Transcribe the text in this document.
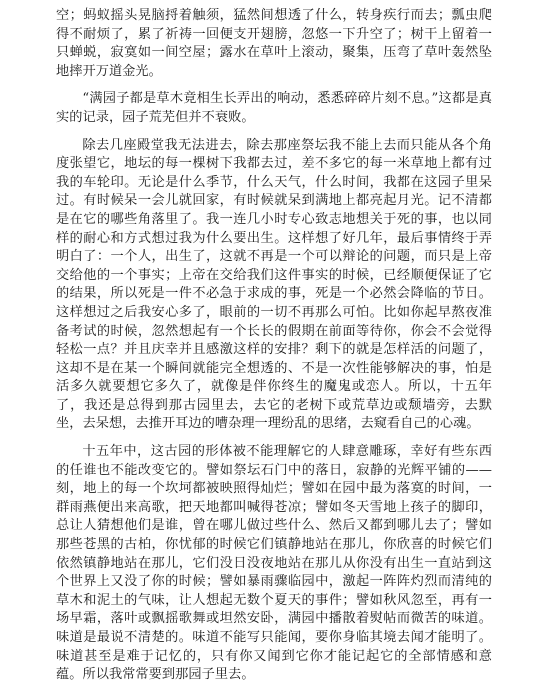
空；蚂蚁摇头晃脑捋着触须，猛然间想透了什么，转身疾行而去；瓢虫爬得不耐烦了，累了祈祷一回便支开翅膀，忽悠一下升空了；树干上留着一只蝉蜕，寂寞如一间空屋；露水在草叶上滚动，聚集，压弯了草叶轰然坠地摔开万道金光。

“满园子都是草木竟相生长弄出的响动，悉悉碎碎片刻不息。”这都是真实的记录，园子荒芜但并不衰败。

除去几座殿堂我无法进去，除去那座祭坛我不能上去而只能从各个角度张望它，地坛的每一棵树下我都去过，差不多它的每一米草地上都有过我的车轮印。无论是什么季节，什么天气，什么时间，我都在这园子里呆过。有时候呆一会儿就回家，有时候就呆到满地上都亮起月光。记不清都是在它的哪些角落里了。我一连几小时专心致志地想关于死的事，也以同样的耐心和方式想过我为什么要出生。这样想了好几年，最后事情终于弄明白了：一个人，出生了，这就不再是一个可以辩论的问题，而只是上帝交给他的一个事实；上帝在交给我们这件事实的时候，已经顺便保证了它的结果，所以死是一件不必急于求成的事，死是一个必然会降临的节日。这样想过之后我安心多了，眼前的一切不再那么可怕。比如你起早熬夜准备考试的时候，忽然想起有一个长长的假期在前面等待你，你会不会觉得轻松一点？并且庆幸并且感激这样的安排？剩下的就是怎样活的问题了，这却不是在某一个瞬间就能完全想透的、不是一次性能够解决的事，怕是活多久就要想它多久了，就像是伴你终生的魔鬼或恋人。所以，十五年了，我还是总得到那古园里去，去它的老树下或荒草边或颓墙旁，去默坐，去呆想，去推开耳边的嘈杂理一理纷乱的思绪，去窥看自己的心魂。

十五年中，这古园的形体被不能理解它的人肆意雕琢，幸好有些东西的任谁也不能改变它的。譬如祭坛石门中的落日，寂静的光辉平铺的——刻，地上的每一个坎坷都被映照得灿烂；譬如在园中最为落寞的时间，一群雨燕便出来高歌，把天地都叫喊得苍凉；譬如冬天雪地上孩子的脚印，总让人猜想他们是谁，曾在哪儿做过些什么、然后又都到哪儿去了；譬如那些苍黑的古柏，你忧郁的时候它们镇静地站在那儿，你欣喜的时候它们依然镇静地站在那儿，它们没日没夜地站在那儿从你没有出生一直站到这个世界上又没了你的时候；譬如暴雨骤临园中，激起一阵阵灼烈而清纯的草木和泥土的气味，让人想起无数个夏天的事件；譬如秋风忽至，再有一场早霜，落叶或飘摇歌舞或坦然安卧，满园中播散着熨帖而微苦的味道。味道是最说不清楚的。味道不能写只能闻，要你身临其境去闻才能明了。味道甚至是难于记忆的，只有你又闻到它你才能记起它的全部情感和意蕴。所以我常常要到那园子里去。
